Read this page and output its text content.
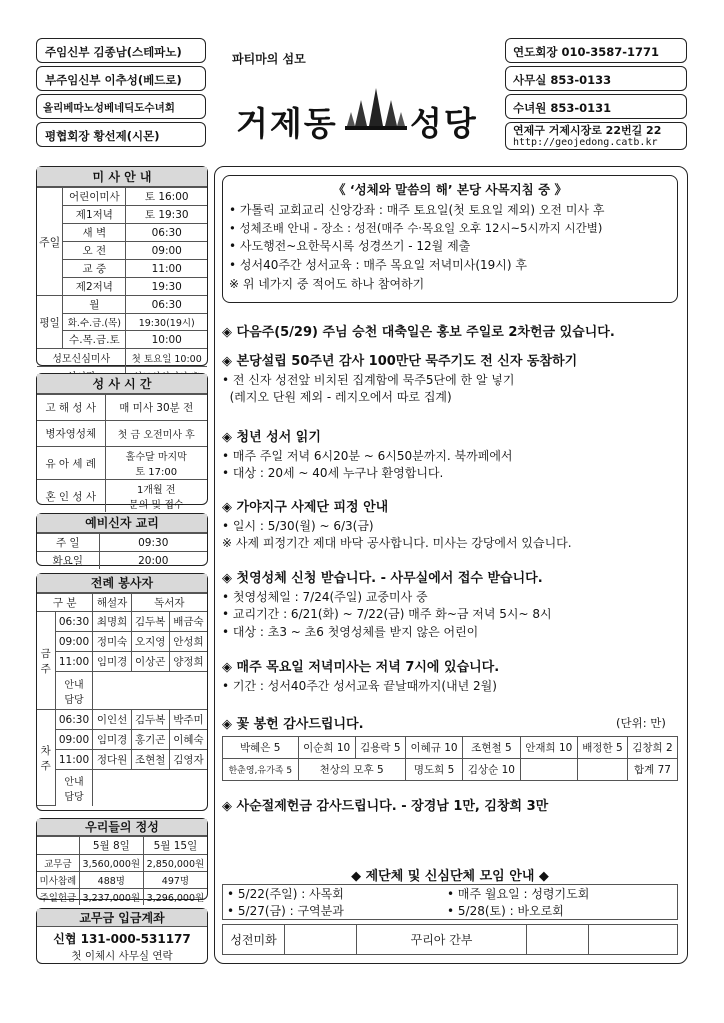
주임신부 김종남(스테파노)
부주임신부 이추성(베드로)
올리베따노성베네딕도수녀회
평협회장 황선제(시몬)
파티마의 섬모
거제동 성당
연도회장 010-3587-1771
사무실 853-0133
수녀원 853-0131
연제구 거제시장로 22번길 22
http://geojedong.catb.kr
미 사 안 내
주일	어린이미사	토 16:00
	제1저녁	토 19:30
	새 벽	06:30
	오 전	09:00
	교 중	11:00
	제2저녁	19:30
평일	월	06:30
	화.수.금.(목)	19:30(19시)
	수.목.금.토	10:00
성모신심미사		첫 토요일 10:00

성 사 시 간
고 해 성 사	매 미사 30분 전
병자영성체	첫 금 오전미사 후
유 아 세 례	홀수달 마지막
토 17:00
혼 인 성 사	1개월 전
문의 및 접수
예비신자 교리
주 일	09:30
화요일	20:00
전례 봉사자
구 분		해설자	독서자	
금주	06:30	최명희	김두복	배금숙
	09:00	정미숙	오지영	안성희
	11:00	임미경	이상곤	양정희
	안내
담당			
차주	06:30	이인선	김두복	박주미
	09:00	임미경	홍기곤	이혜숙
	11:00	정다원	조현철	김영자
	안내
담당			
우리들의 정성
	5월 8일	5월 15일
교무금	3,560,000원	2,850,000원
미사참례	488명	497명
주일헌금	3,237,000원	3,296,000원
교무금 입금계좌
신협 131-000-531177
첫 이체시 사무실 연락
《 ‘성체와 말씀의 해’ 본당 사목지침 중 》
• 가톨릭 교회교리 신앙강좌 : 매주 토요일(첫 토요일 제외) 오전 미사 후
• 성체조배 안내 - 장소 : 성전(매주 수·목요일 오후 12시~5시까지 시간별)
• 사도행전~요한묵시록 성경쓰기 - 12월 제출
• 성서40주간 성서교육 : 매주 목요일 저녁미사(19시) 후
※ 위 네가지 중 적어도 하나 참여하기
◈ 다음주(5/29) 주님 승천 대축일은 홍보 주일로 2차헌금 있습니다.
◈ 본당설립 50주년 감사 100만단 묵주기도 전 신자 동참하기
• 전 신자 성전앞 비치된 집계함에 묵주5단에 한 알 넣기
(레지오 단원 제외 - 레지오에서 따로 집계)
◈ 청년 성서 읽기
• 매주 주일 저녁 6시20분 ~ 6시50분까지. 북까페에서
• 대상 : 20세 ~ 40세 누구나 환영합니다.
◈ 가야지구 사제단 피정 안내
• 일시 : 5/30(월) ~ 6/3(금)
※ 사제 피정기간 제대 바닥 공사합니다. 미사는 강당에서 있습니다.
◈ 첫영성체 신청 받습니다. - 사무실에서 접수 받습니다.
• 첫영성체일 : 7/24(주일) 교중미사 중
• 교리기간 : 6/21(화) ~ 7/22(금) 매주 화~금 저녁 5시~ 8시
• 대상 : 초3 ~ 초6 첫영성체를 받지 않은 어린이
◈ 매주 목요일 저녁미사는 저녁 7시에 있습니다.
• 기간 : 성서40주간 성서교육 끝날때까지(내년 2월)
◈ 꽃 봉헌 감사드립니다.	(단위: 만)
박혜은 5	이순희 10	김용락 5	이혜규 10	조현철 5	안재희 10	배정한 5	김창희 2
한춘영,유가족 5	천상의 모후 5		명도희 5	김상순 10			합계 77
◈ 사순절제헌금 감사드립니다. - 장경남 1만, 김창희 3만
◆ 제단체 및 신심단체 모임 안내 ◆
• 5/22(주일) : 사목회	• 매주 월요일 : 성령기도회
• 5/27(금) : 구역분과	• 5/28(토) : 바오로회
성전미화		꾸리아 간부		
